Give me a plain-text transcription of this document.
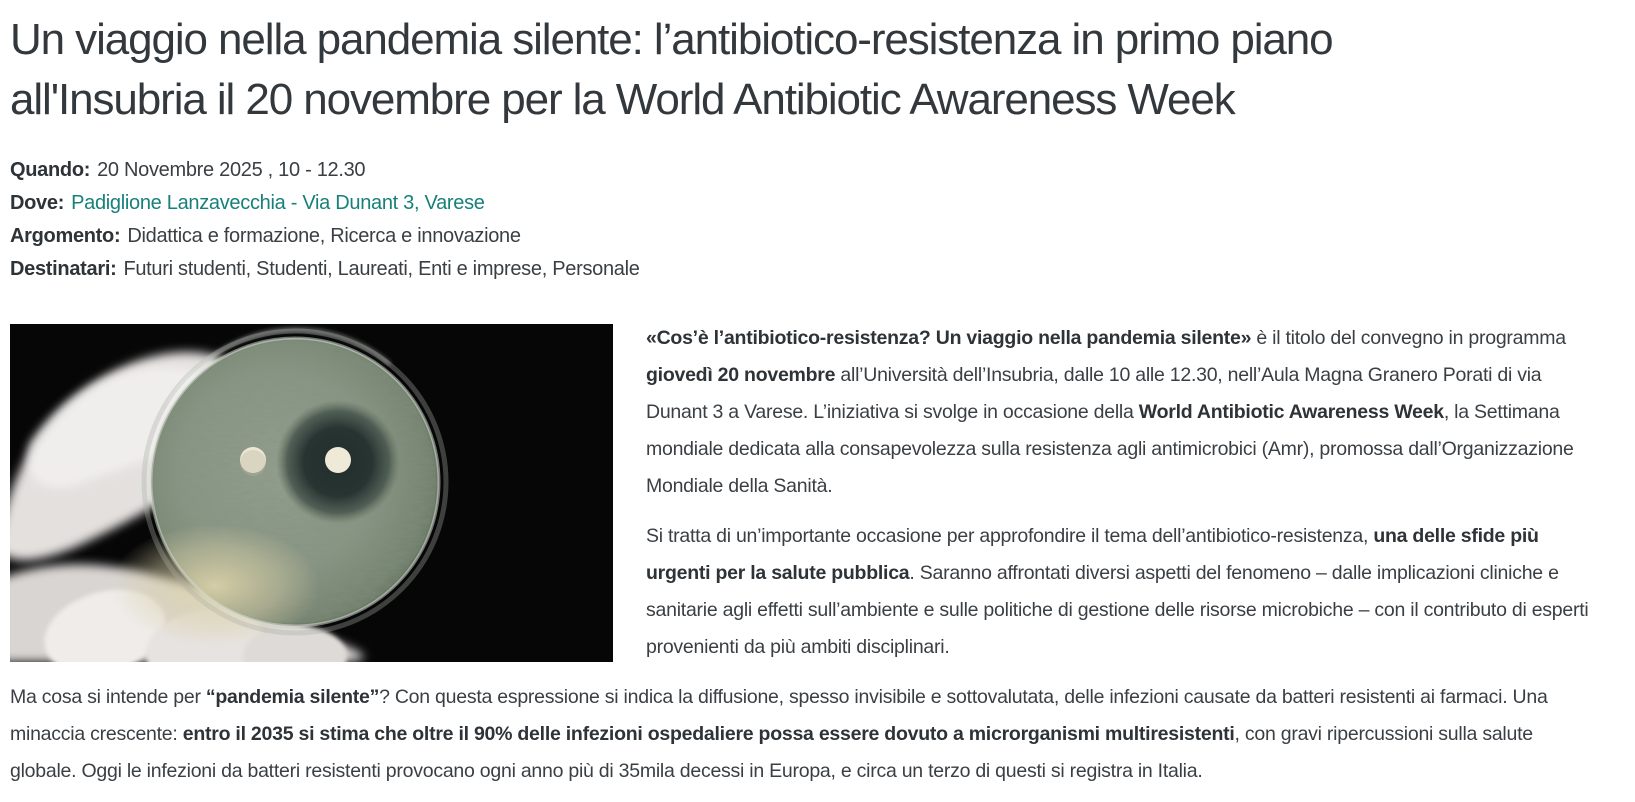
Un viaggio nella pandemia silente: l’antibiotico-resistenza in primo piano
all'Insubria il 20 novembre per la World Antibiotic Awareness Week
Quando: 20 Novembre 2025 , 10 - 12.30
Dove: Padiglione Lanzavecchia - Via Dunant 3, Varese
Argomento: Didattica e formazione, Ricerca e innovazione
Destinatari: Futuri studenti, Studenti, Laureati, Enti e imprese, Personale

«Cos’è l’antibiotico-resistenza? Un viaggio nella pandemia silente» è il titolo del convegno in programma giovedì 20 novembre all’Università dell’Insubria, dalle 10 alle 12.30, nell’Aula Magna Granero Porati di via Dunant 3 a Varese. L’iniziativa si svolge in occasione della World Antibiotic Awareness Week, la Settimana mondiale dedicata alla consapevolezza sulla resistenza agli antimicrobici (Amr), promossa dall’Organizzazione Mondiale della Sanità.

Si tratta di un’importante occasione per approfondire il tema dell’antibiotico-resistenza, una delle sfide più urgenti per la salute pubblica. Saranno affrontati diversi aspetti del fenomeno – dalle implicazioni cliniche e sanitarie agli effetti sull’ambiente e sulle politiche di gestione delle risorse microbiche – con il contributo di esperti provenienti da più ambiti disciplinari.

Ma cosa si intende per “pandemia silente”? Con questa espressione si indica la diffusione, spesso invisibile e sottovalutata, delle infezioni causate da batteri resistenti ai farmaci. Una minaccia crescente: entro il 2035 si stima che oltre il 90% delle infezioni ospedaliere possa essere dovuto a microrganismi multiresistenti, con gravi ripercussioni sulla salute globale. Oggi le infezioni da batteri resistenti provocano ogni anno più di 35mila decessi in Europa, e circa un terzo di questi si registra in Italia.
